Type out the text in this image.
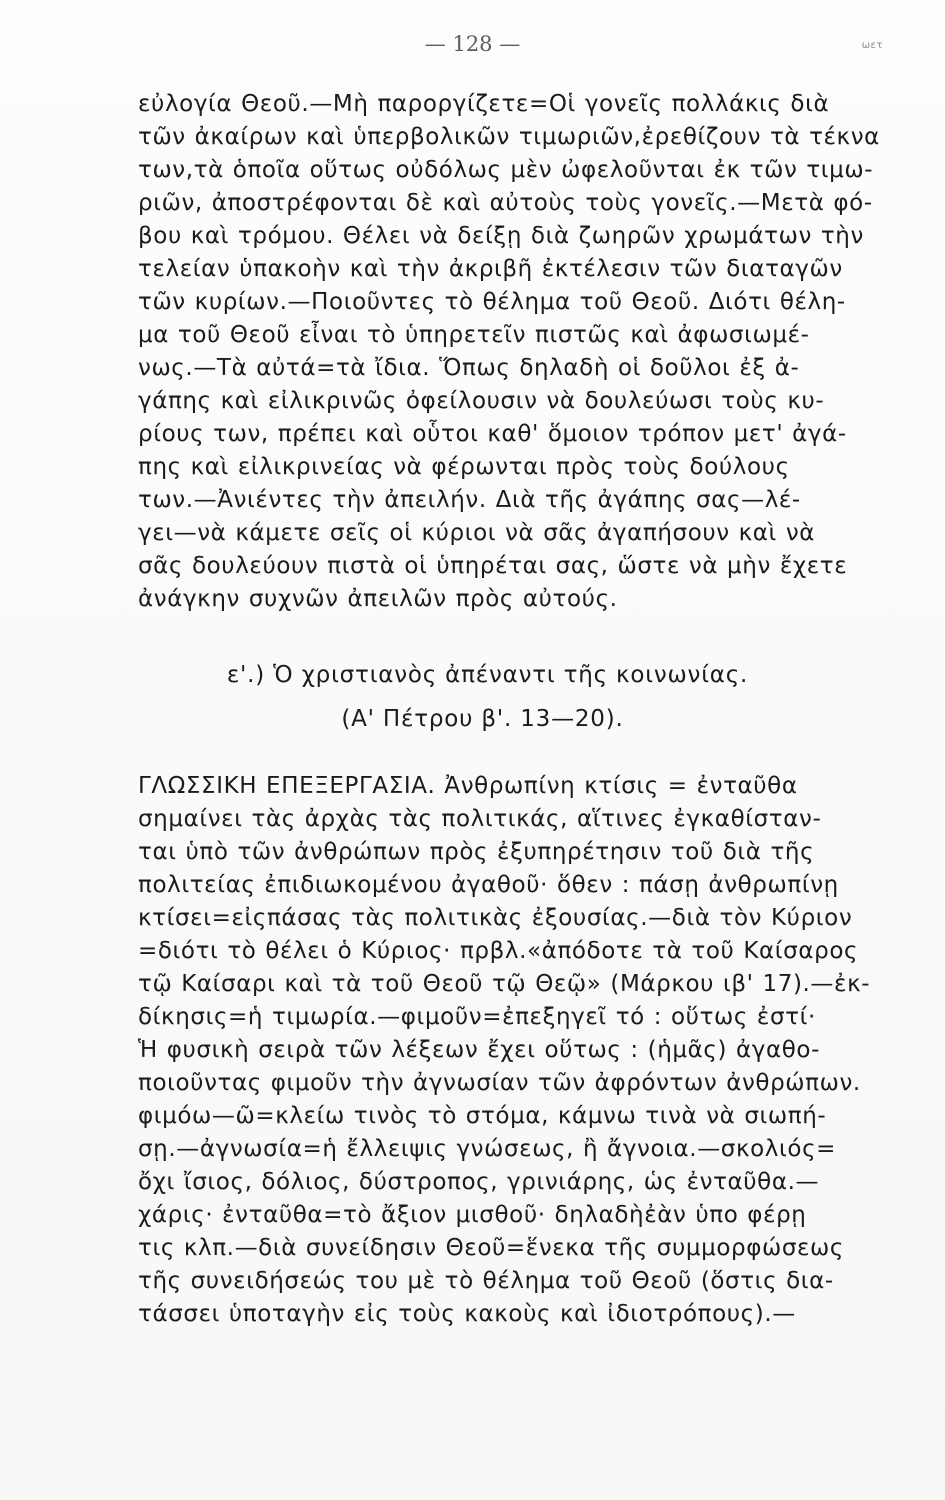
ωετ
— 128 —

εὐλογία Θεοῦ.—Μὴ παροργίζετε=Οἱ γονεῖς πολλάκις διὰ

τῶν ἀκαίρων καὶ ὑπερβολικῶν τιμωριῶν,ἐρεθίζουν τὰ τέκνα

των,τὰ ὁποῖα οὕτως οὐδόλως μὲν ὠφελοῦνται ἐκ τῶν τιμω-

ριῶν, ἀποστρέφονται δὲ καὶ αὐτοὺς τοὺς γονεῖς.—Μετὰ φό-

βου καὶ τρόμου. Θέλει νὰ δείξῃ διὰ ζωηρῶν χρωμάτων τὴν

τελείαν ὑπακοὴν καὶ τὴν ἀκριβῆ ἐκτέλεσιν τῶν διαταγῶν

τῶν κυρίων.—Ποιοῦντες τὸ θέλημα τοῦ Θεοῦ. Διότι θέλη-

μα τοῦ Θεοῦ εἶναι τὸ ὑπηρετεῖν πιστῶς καὶ ἀφωσιωμέ-

νως.—Τὰ αὐτά=τὰ ἴδια. Ὅπως δηλαδὴ οἱ δοῦλοι ἐξ ἀ-

γάπης καὶ εἰλικρινῶς ὀφείλουσιν νὰ δουλεύωσι τοὺς κυ-

ρίους των, πρέπει καὶ οὗτοι καθ' ὅμοιον τρόπον μετ' ἀγά-

πης καὶ εἰλικρινείας νὰ φέρωνται πρὸς τοὺς δούλους

των.—Ἀνιέντες τὴν ἀπειλήν. Διὰ τῆς ἀγάπης σας—λέ-

γει—νὰ κάμετε σεῖς οἱ κύριοι νὰ σᾶς ἀγαπήσουν καὶ νὰ

σᾶς δουλεύουν πιστὰ οἱ ὑπηρέται σας, ὥστε νὰ μὴν ἔχετε

ἀνάγκην συχνῶν ἀπειλῶν πρὸς αὐτούς.

ε'.) Ὁ χριστιανὸς ἀπέναντι τῆς κοινωνίας.
(Α' Πέτρου β'. 13—20).

ΓΛΩΣΣΙΚΗ ΕΠΕΞΕΡΓΑΣΙΑ. Ἀνθρωπίνη κτίσις = ἐνταῦθα

σημαίνει τὰς ἀρχὰς τὰς πολιτικάς, αἵτινες ἐγκαθίσταν-

ται ὑπὸ τῶν ἀνθρώπων πρὸς ἐξυπηρέτησιν τοῦ διὰ τῆς

πολιτείας ἐπιδιωκομένου ἀγαθοῦ· ὅθεν : πάσῃ ἀνθρωπίνῃ

κτίσει=εἰςπάσας τὰς πολιτικὰς ἐξουσίας.—διὰ τὸν Κύριον

=διότι τὸ θέλει ὁ Κύριος· πρβλ.«ἀπόδοτε τὰ τοῦ Καίσαρος

τῷ Καίσαρι καὶ τὰ τοῦ Θεοῦ τῷ Θεῷ» (Μάρκου ιβ' 17).—ἐκ-

δίκησις=ἡ τιμωρία.—φιμοῦν=ἐπεξηγεῖ τό : οὕτως ἐστί·

Ἡ φυσικὴ σειρὰ τῶν λέξεων ἔχει οὕτως : (ἡμᾶς) ἀγαθο-

ποιοῦντας φιμοῦν τὴν ἀγνωσίαν τῶν ἀφρόντων ἀνθρώπων.

φιμόω—ῶ=κλείω τινὸς τὸ στόμα, κάμνω τινὰ νὰ σιωπή-

σῃ.—ἀγνωσία=ἡ ἔλλειψις γνώσεως, ἢ ἄγνοια.—σκολιός=

ὄχι ἴσιος, δόλιος, δύστροπος, γρινιάρης, ὡς ἐνταῦθα.—

χάρις· ἐνταῦθα=τὸ ἄξιον μισθοῦ· δηλαδὴἐὰν ὑπο φέρῃ

τις κλπ.—διὰ συνείδησιν Θεοῦ=ἕνεκα τῆς συμμορφώσεως

τῆς συνειδήσεώς του μὲ τὸ θέλημα τοῦ Θεοῦ (ὅστις δια-

τάσσει ὑποταγὴν εἰς τοὺς κακοὺς καὶ ἰδιοτρόπους).—
